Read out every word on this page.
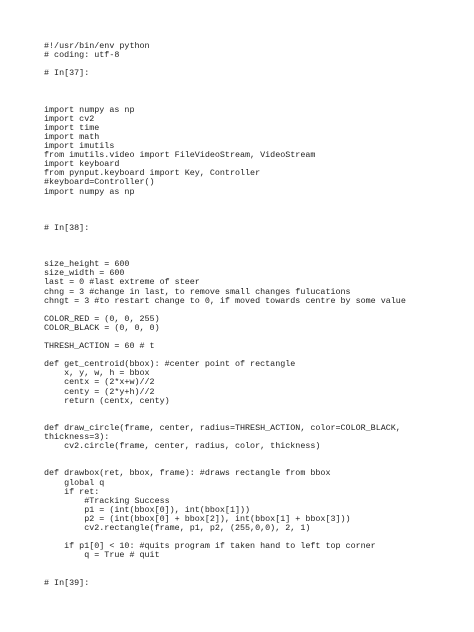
#!/usr/bin/env python
# coding: utf-8
# In[37]:
import numpy as np
import cv2
import time
import math
import imutils
from imutils.video import FileVideoStream, VideoStream
import keyboard
from pynput.keyboard import Key, Controller
#keyboard=Controller()
import numpy as np
# In[38]:
size_height = 600
size_width = 600
last = 0 #last extreme of steer
chng = 3 #change in last, to remove small changes fulucations
chngt = 3 #to restart change to 0, if moved towards centre by some value
COLOR_RED = (0, 0, 255)
COLOR_BLACK = (0, 0, 0)
THRESH_ACTION = 60 # t
def get_centroid(bbox): #center point of rectangle
x, y, w, h = bbox
centx = (2*x+w)//2
centy = (2*y+h)//2
return (centx, centy)
def draw_circle(frame, center, radius=THRESH_ACTION, color=COLOR_BLACK,
thickness=3):
cv2.circle(frame, center, radius, color, thickness)
def drawbox(ret, bbox, frame): #draws rectangle from bbox
global q
if ret:
#Tracking Success
p1 = (int(bbox[0]), int(bbox[1]))
p2 = (int(bbox[0] + bbox[2]), int(bbox[1] + bbox[3]))
cv2.rectangle(frame, p1, p2, (255,0,0), 2, 1)
if p1[0] < 10: #quits program if taken hand to left top corner
q = True # quit
# In[39]:
